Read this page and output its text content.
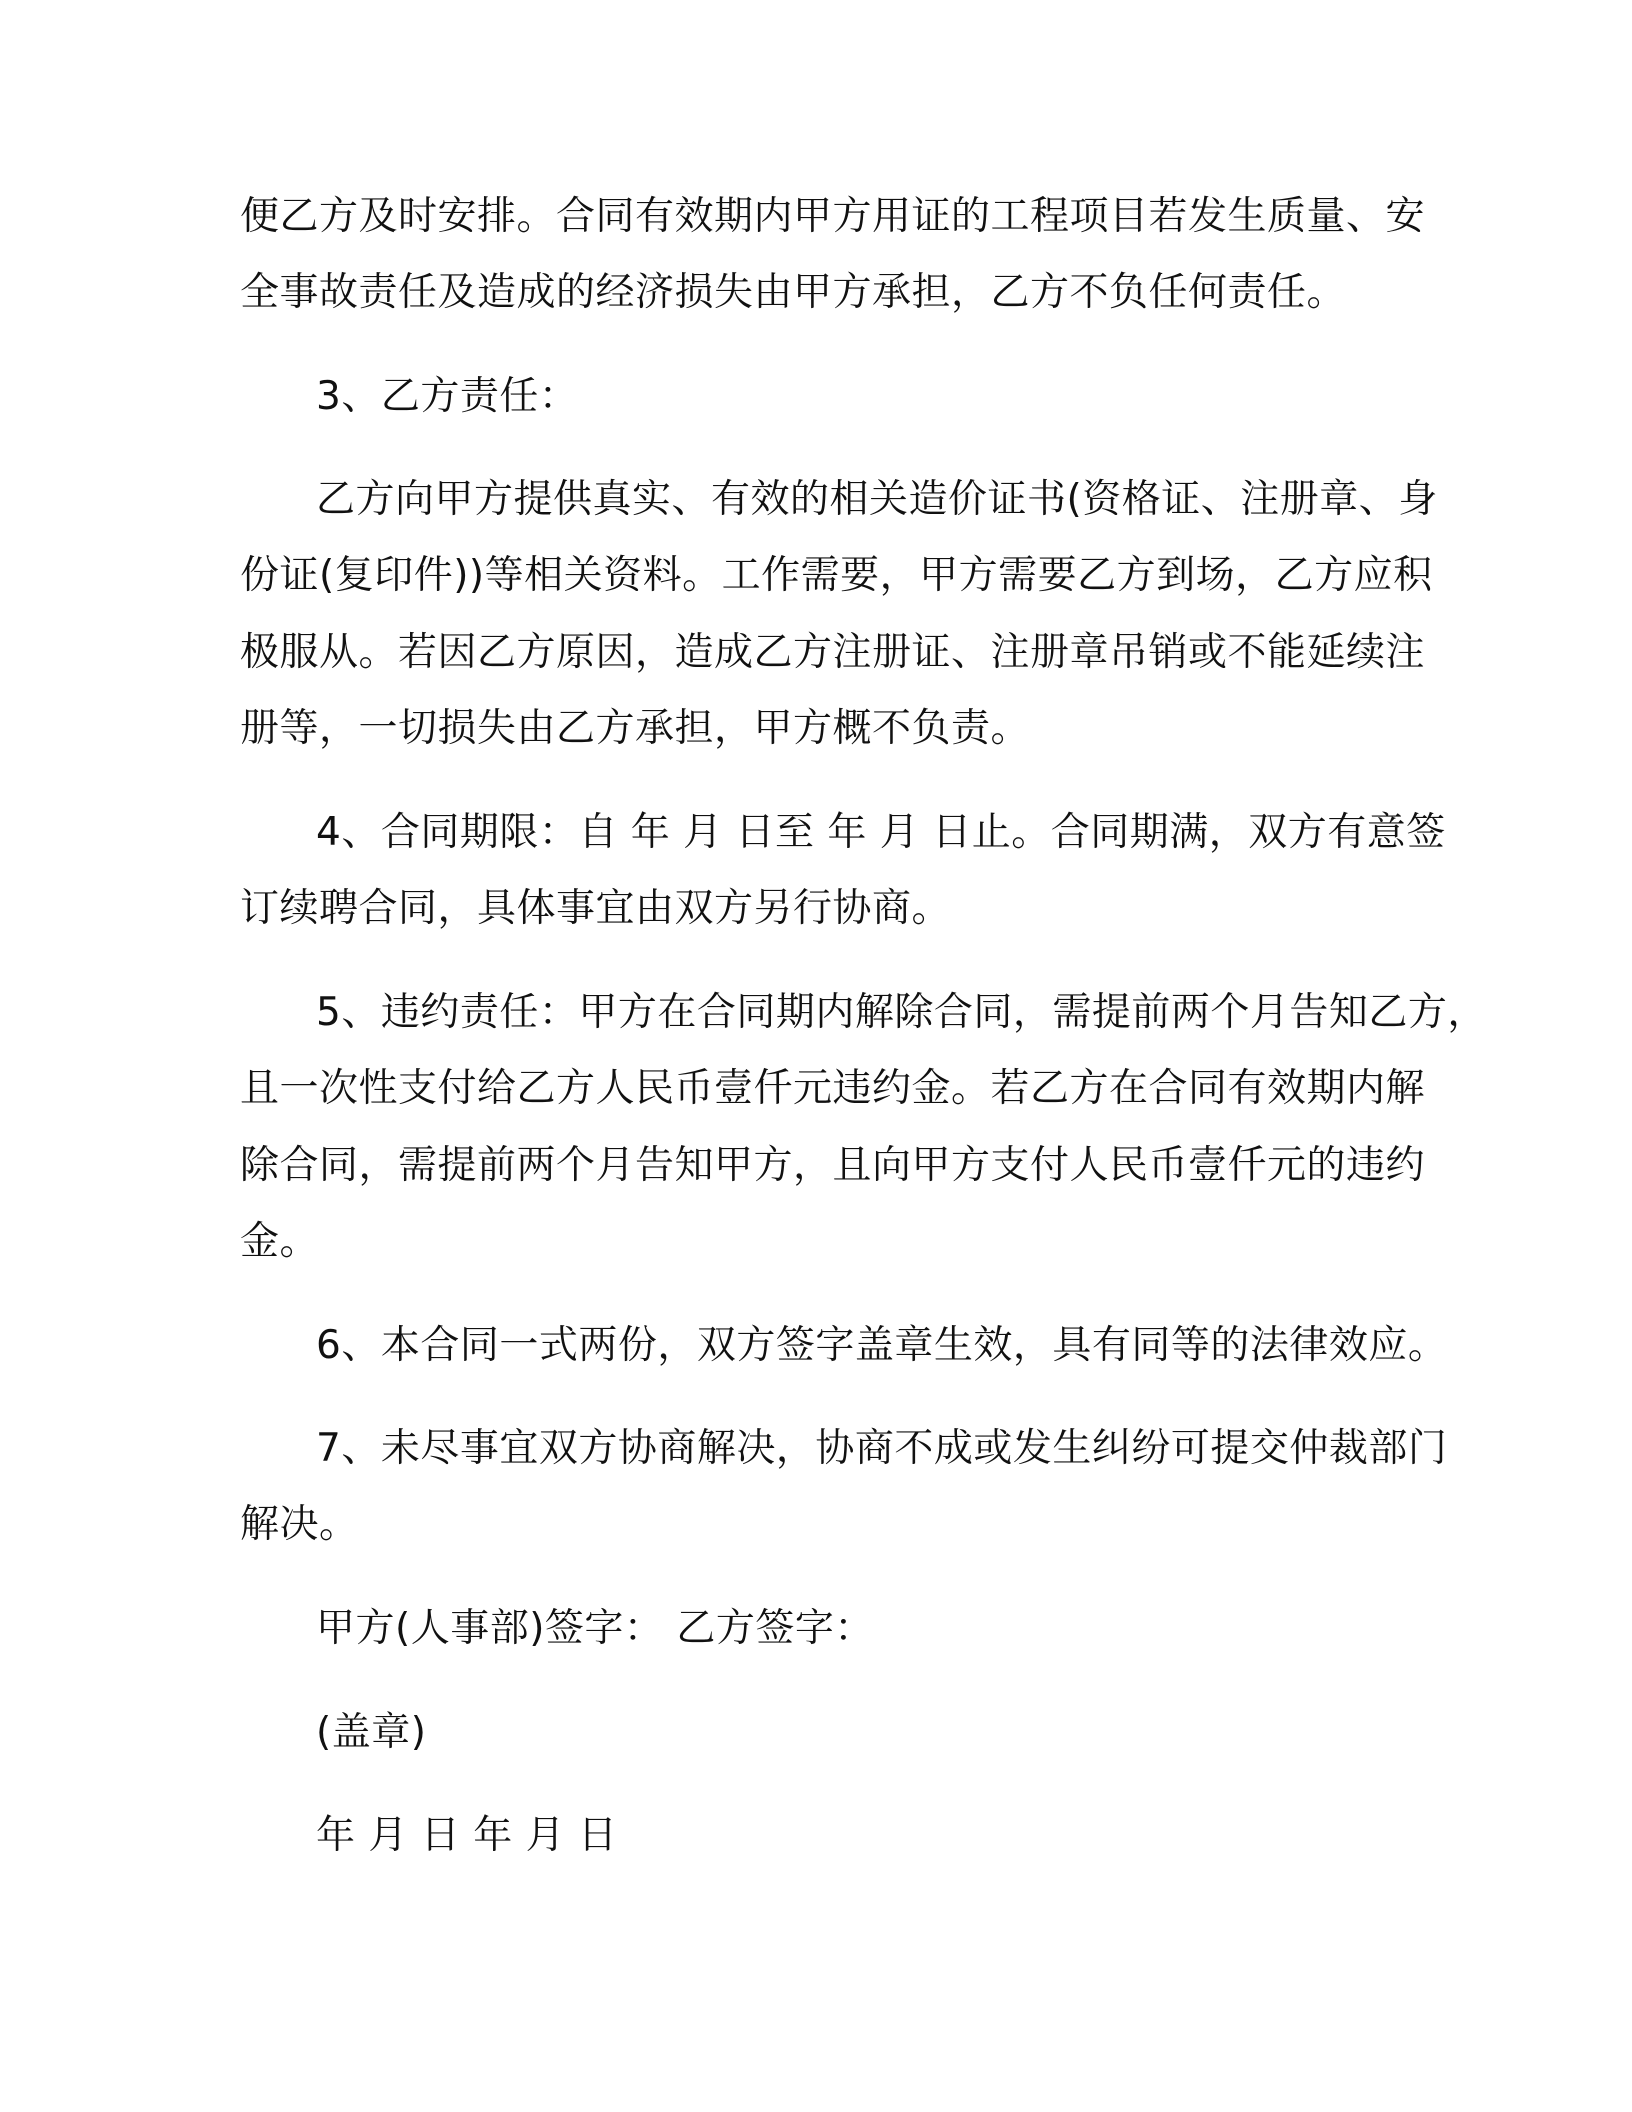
便乙方及时安排。合同有效期内甲方用证的工程项目若发生质量、安
全事故责任及造成的经济损失由甲方承担，乙方不负任何责任。
3、乙方责任：
乙方向甲方提供真实、有效的相关造价证书(资格证、注册章、身
份证(复印件))等相关资料。工作需要，甲方需要乙方到场，乙方应积
极服从。若因乙方原因，造成乙方注册证、注册章吊销或不能延续注
册等，一切损失由乙方承担，甲方概不负责。
4、合同期限：自 年 月 日至 年 月 日止。合同期满，双方有意签
订续聘合同，具体事宜由双方另行协商。
5、违约责任：甲方在合同期内解除合同，需提前两个月告知乙方，
且一次性支付给乙方人民币壹仟元违约金。若乙方在合同有效期内解
除合同，需提前两个月告知甲方，且向甲方支付人民币壹仟元的违约
金。
6、本合同一式两份，双方签字盖章生效，具有同等的法律效应。
7、未尽事宜双方协商解决，协商不成或发生纠纷可提交仲裁部门
解决。
甲方(人事部)签字： 乙方签字：
(盖章)
年 月 日 年 月 日
